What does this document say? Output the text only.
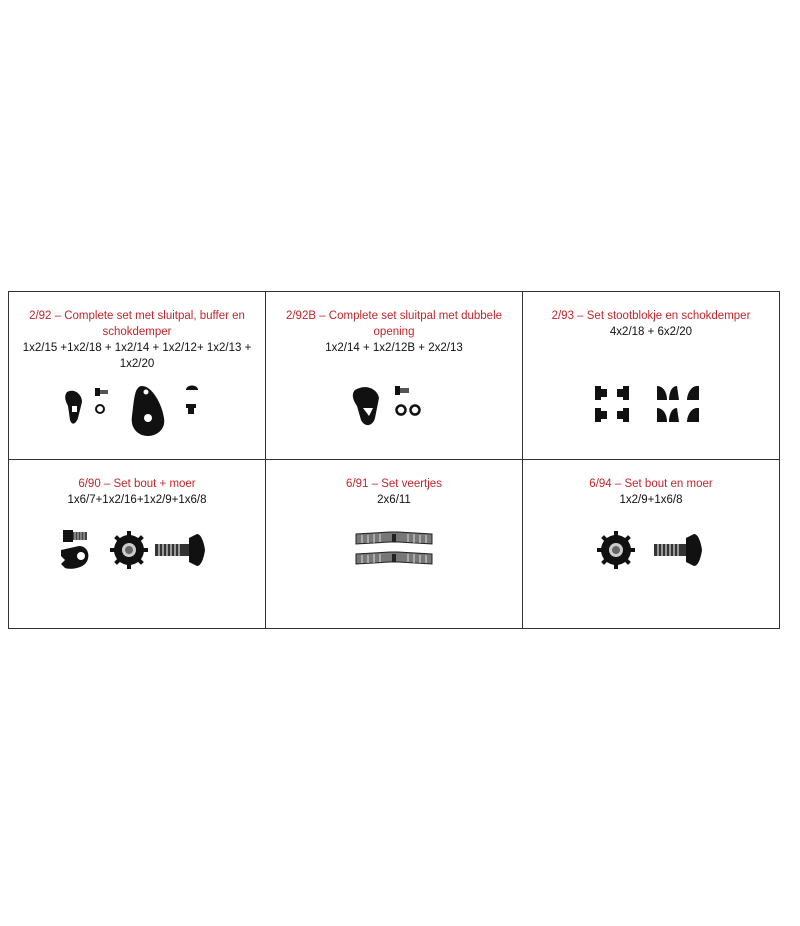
2/92 – Complete set met sluitpal, buffer en schokdemper
1x2/15 +1x2/18 + 1x2/14 + 1x2/12+ 1x2/13 + 1x2/20
2/92B – Complete set sluitpal met dubbele opening
1x2/14 + 1x2/12B + 2x2/13
2/93 – Set stootblokje en schokdemper
4x2/18 + 6x2/20
6/90 – Set bout + moer
1x6/7+1x2/16+1x2/9+1x6/8
6/91 – Set veertjes
2x6/11
6/94 – Set bout en moer
1x2/9+1x6/8
